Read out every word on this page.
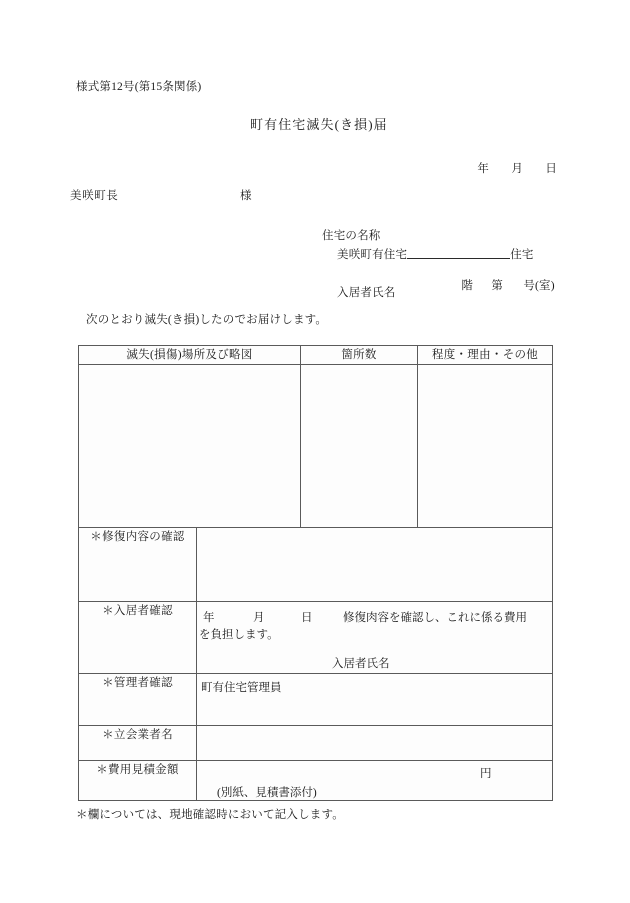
様式第12号(第15条関係)
町有住宅滅失(き損)届

年 月 日

美咲町長	様
住宅の名称
美咲町有住宅	住宅

階 第 号(室)

入居者氏名
次のとおり滅失(き損)したのでお届けします。
滅失(損傷)場所及び略図		箇所数	程度・理由・その他

＊修復内容の確認			
＊入居者確認	年 月 日 修復肉容を確認し、これに係る費用
を負担します。
入居者氏名		

＊管理者確認	町有住宅管理員		

＊立会業者名			
＊費用見積金額	円
(別紙、見積書添付)		
＊欄については、現地確認時において記入します。
